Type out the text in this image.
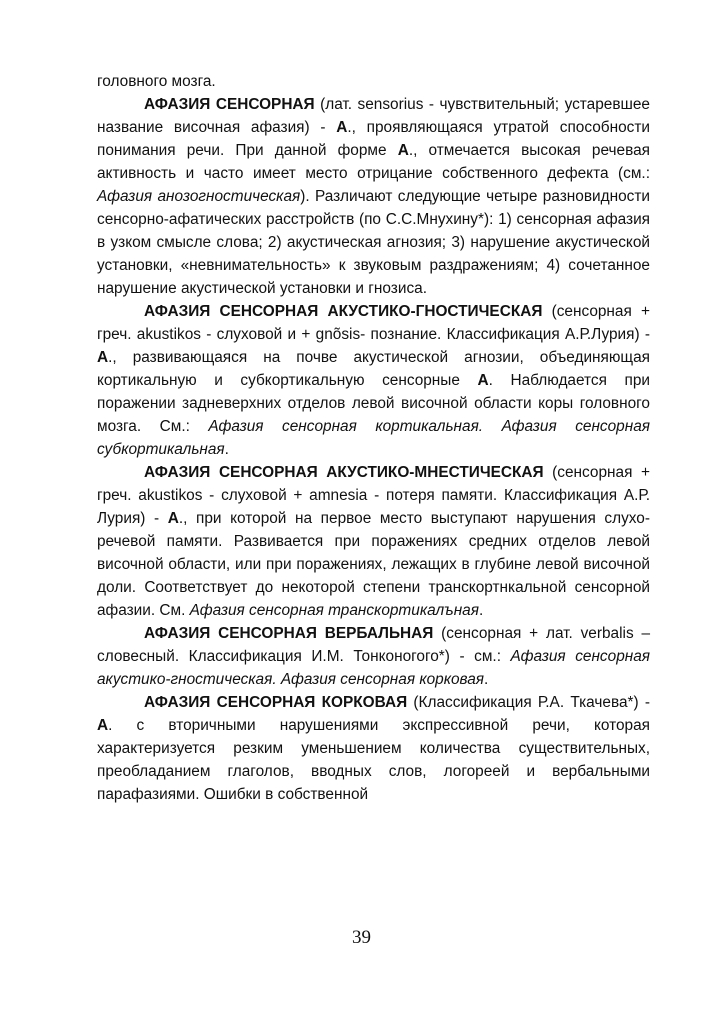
головного мозга.

АФАЗИЯ СЕНСОРНАЯ (лат. sensorius - чувствительный; устаревшее название височная афазия) - А., проявляющаяся утратой способности понимания речи. При данной форме А., отмечается высокая речевая активность и часто имеет место отрицание собственного дефекта (см.: Афазия анозогностическая). Различают следующие четыре разновидности сенсорно-афатических расстройств (по С.С.Мнухину*): 1) сенсорная афазия в узком смысле слова; 2) акустическая агнозия; 3) нарушение акустической установки, «невнимательность» к звуковым раздражениям; 4) сочетанное нарушение акустической установки и гнозиса.

АФАЗИЯ СЕНСОРНАЯ АКУСТИКО-ГНОСТИЧЕСКАЯ (сенсорная + греч. akustikos - слуховой и + gnõsis- познание. Классификация А.Р.Лурия) - А., развивающаяся на почве акустической агнозии, объединяющая кортикальную и субкортикальную сенсорные А. Наблюдается при поражении задневерхних отделов левой височной области коры головного мозга. См.: Афазия сенсорная кортикальная. Афазия сенсорная субкортикальная.

АФАЗИЯ СЕНСОРНАЯ АКУСТИКО-МНЕСТИЧЕСКАЯ (сенсорная + греч. akustikos - слуховой + amnesia - потеря памяти. Классификация А.Р. Лурия) - А., при которой на первое место выступают нарушения слухо-речевой памяти. Развивается при поражениях средних отделов левой височной области, или при поражениях, лежащих в глубине левой височной доли. Соответствует до некоторой степени транскортнкальной сенсорной афазии. См. Афазия сенсорная транскортикалъная.

АФАЗИЯ СЕНСОРНАЯ ВЕРБАЛЬНАЯ (сенсорная + лат. verbalis – словесный. Классификация И.М. Тонконогого*) - см.: Афазия сенсорная акустико-гностическая. Афазия сенсорная корковая.

АФАЗИЯ СЕНСОРНАЯ КОРКОВАЯ (Классификация Р.А. Ткачева*) - А. с вторичными нарушениями экспрессивной речи, которая характеризуется резким уменьшением количества существительных, преобладанием глаголов, вводных слов, логореей и вербальными парафазиями. Ошибки в собственной

39
